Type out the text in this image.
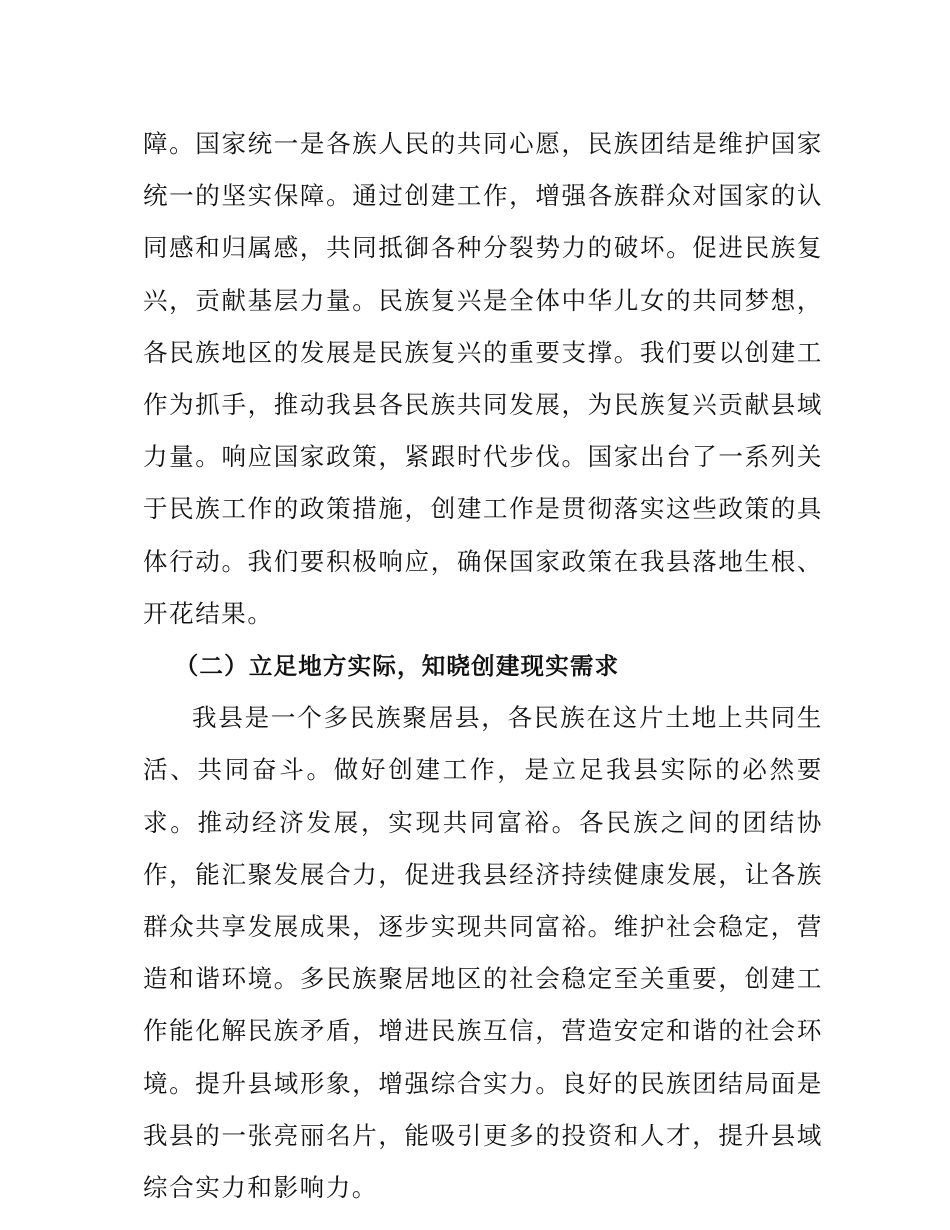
障。国家统一是各族人民的共同心愿，民族团结是维护国家统一的坚实保障。通过创建工作，增强各族群众对国家的认同感和归属感，共同抵御各种分裂势力的破坏。促进民族复兴，贡献基层力量。民族复兴是全体中华儿女的共同梦想，各民族地区的发展是民族复兴的重要支撑。我们要以创建工作为抓手，推动我县各民族共同发展，为民族复兴贡献县域力量。响应国家政策，紧跟时代步伐。国家出台了一系列关于民族工作的政策措施，创建工作是贯彻落实这些政策的具体行动。我们要积极响应，确保国家政策在我县落地生根、开花结果。

（二）立足地方实际，知晓创建现实需求

我县是一个多民族聚居县，各民族在这片土地上共同生活、共同奋斗。做好创建工作，是立足我县实际的必然要求。推动经济发展，实现共同富裕。各民族之间的团结协作，能汇聚发展合力，促进我县经济持续健康发展，让各族群众共享发展成果，逐步实现共同富裕。维护社会稳定，营造和谐环境。多民族聚居地区的社会稳定至关重要，创建工作能化解民族矛盾，增进民族互信，营造安定和谐的社会环境。提升县域形象，增强综合实力。良好的民族团结局面是我县的一张亮丽名片，能吸引更多的投资和人才，提升县域综合实力和影响力。
